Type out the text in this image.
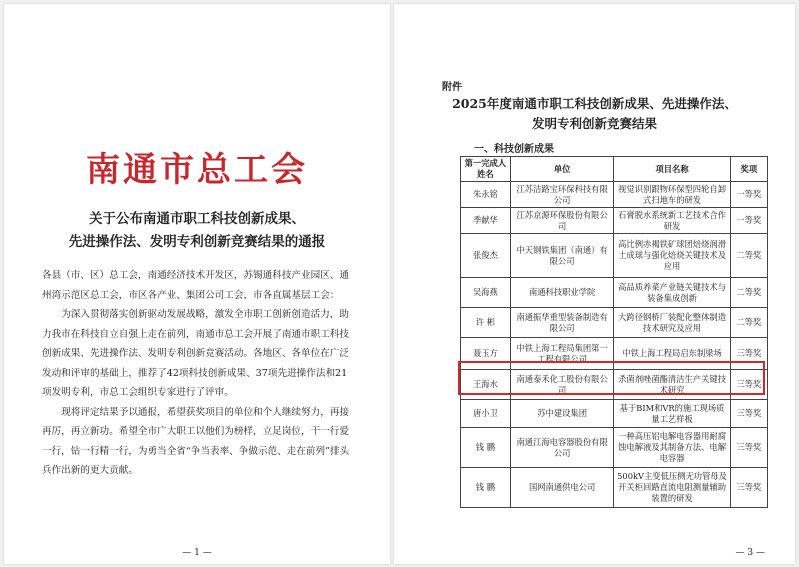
南通市总工会
关于公布南通市职工科技创新成果、
先进操作法、发明专利创新竞赛结果的通报

各县（市、区）总工会，南通经济技术开发区，苏锡通科技产业园区、通州湾示范区总工会，市区各产业、集团公司工会，市各直属基层工会：

为深入贯彻落实创新驱动发展战略，激发全市职工创新创造活力，助力我市在科技自立自强上走在前列，南通市总工会开展了南通市职工科技创新成果、先进操作法、发明专利创新竞赛活动。各地区、各单位在广泛发动和评审的基础上，推荐了42项科技创新成果、37项先进操作法和21项发明专利，市总工会组织专家进行了评审。

现将评定结果予以通报，希望获奖项目的单位和个人继续努力，再接再厉，再立新功。希望全市广大职工以他们为榜样，立足岗位，干一行爱一行，钻一行精一行，为勇当全省“争当表率、争做示范、走在前列”排头兵作出新的更大贡献。

— 1 —
附件
2025年度南通市职工科技创新成果、先进操作法、
发明专利创新竞赛结果
一、科技创新成果
第一完成人姓名	单位	项目名称	奖项
朱永铭	江苏洁路宝环保科技有限公司	视觉识别跟物环保型四轮自卸式扫地车的研发	一等奖
季献华	江苏京源环保股份有限公司	石膏脱水系统新工艺技术合作研发	一等奖
张俊杰	中天钢铁集团（南通）有限公司	高比例赤褐铁矿球团焙烧润滑土成球与强化焙烧关键技术及应用	二等奖
吴海燕	南通科技职业学院	高品质养菜产业链关键技术与装备集成创新	二等奖
许 彬	南通振华重型装备制造有限公司	大跨径钢桥厂装配化整体制造技术研究及应用	二等奖
聂玉方	中铁上海工程局集团第一工程有限公司	中铁上海工程局启东制梁场	三等奖
王海水	南通泰禾化工股份有限公司	杀菌剂唑菌酯清洁生产关键技术研究	三等奖
唐小卫	苏中建设集团	基于BIM和VR的施工现场质量工艺样板	三等奖
钱 鹏	南通江海电容器股份有限公司	一种高压铝电解电容器用耐腐蚀电解液及其制备方法、电解电容器	三等奖
钱 鹏	国网南通供电公司	500kV主变低压侧无功管母及开关柜回路直流电阻测量辅助装置的研发	三等奖
— 3 —
